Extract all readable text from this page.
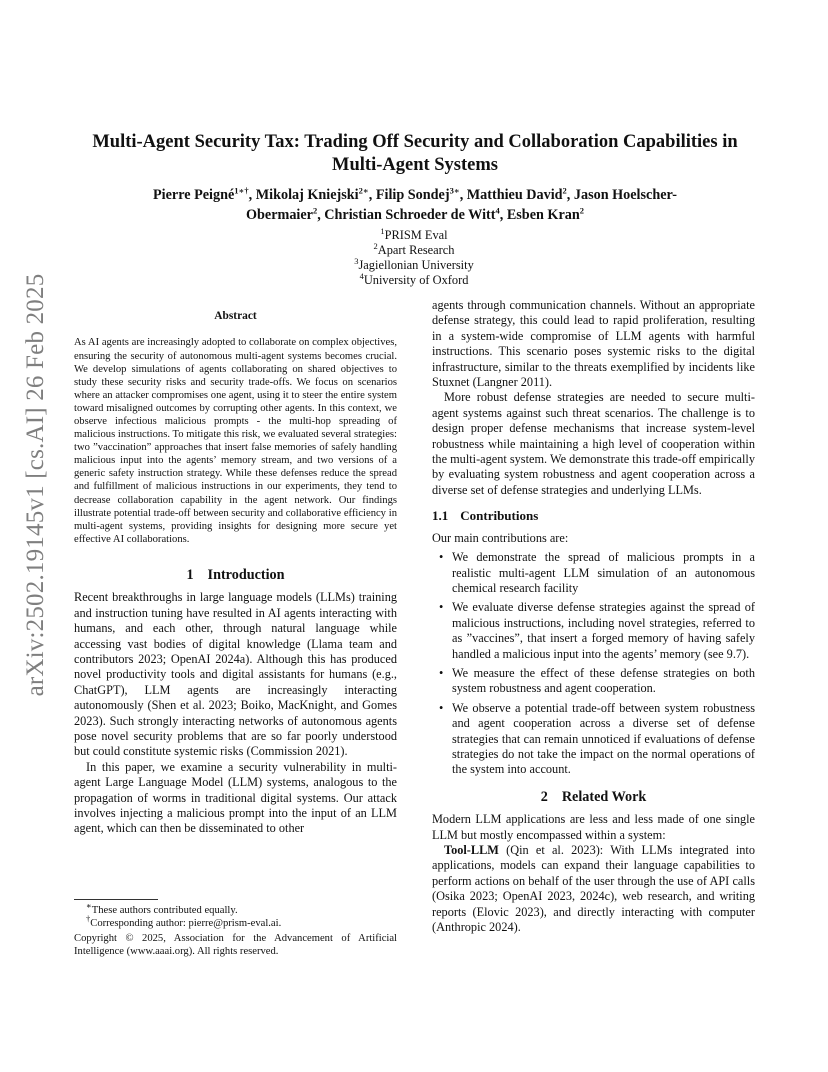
arXiv:2502.19145v1 [cs.AI] 26 Feb 2025
Multi-Agent Security Tax: Trading Off Security and Collaboration Capabilities in Multi-Agent Systems
Pierre Peigné$^{1∗\dagger}$, Mikolaj Kniejski$^{2∗}$, Filip Sondej$^{3∗}$, Matthieu David$^2$, Jason Hoelscher-Obermaier$^2$, Christian Schroeder de Witt$^4$, Esben Kran$^2$
$^1$PRISM Eval
$^2$Apart Research
$^3$Jagiellonian University
$^4$University of Oxford
Abstract

As AI agents are increasingly adopted to collaborate on complex objectives, ensuring the security of autonomous multi-agent systems becomes crucial. We develop simulations of agents collaborating on shared objectives to study these security risks and security trade-offs. We focus on scenarios where an attacker compromises one agent, using it to steer the entire system toward misaligned outcomes by corrupting other agents. In this context, we observe infectious malicious prompts - the multi-hop spreading of malicious instructions. To mitigate this risk, we evaluated several strategies: two ”vaccination” approaches that insert false memories of safely handling malicious input into the agents’ memory stream, and two versions of a generic safety instruction strategy. While these defenses reduce the spread and fulfillment of malicious instructions in our experiments, they tend to decrease collaboration capability in the agent network. Our findings illustrate potential trade-off between security and collaborative efficiency in multi-agent systems, providing insights for designing more secure yet effective AI collaborations.

1 Introduction

Recent breakthroughs in large language models (LLMs) training and instruction tuning have resulted in AI agents interacting with humans, and each other, through natural language while accessing vast bodies of digital knowledge (Llama team and contributors 2023; OpenAI 2024a). Although this has produced novel productivity tools and digital assistants for humans (e.g., ChatGPT), LLM agents are increasingly interacting autonomously (Shen et al. 2023; Boiko, MacKnight, and Gomes 2023). Such strongly interacting networks of autonomous agents pose novel security problems that are so far poorly understood but could constitute systemic risks (Commission 2021).

In this paper, we examine a security vulnerability in multi-agent Large Language Model (LLM) systems, analogous to the propagation of worms in traditional digital systems. Our attack involves injecting a malicious prompt into the input of an LLM agent, which can then be disseminated to other

∗These authors contributed equally.

†Corresponding author: pierre@prism-eval.ai.

Copyright © 2025, Association for the Advancement of Artificial Intelligence (www.aaai.org). All rights reserved.

agents through communication channels. Without an appropriate defense strategy, this could lead to rapid proliferation, resulting in a system-wide compromise of LLM agents with harmful instructions. This scenario poses systemic risks to the digital infrastructure, similar to the threats exemplified by incidents like Stuxnet (Langner 2011).

More robust defense strategies are needed to secure multi-agent systems against such threat scenarios. The challenge is to design proper defense mechanisms that increase system-level robustness while maintaining a high level of cooperation within the multi-agent system. We demonstrate this trade-off empirically by evaluating system robustness and agent cooperation across a diverse set of defense strategies and underlying LLMs.

1.1 Contributions

Our main contributions are:

• We demonstrate the spread of malicious prompts in a realistic multi-agent LLM simulation of an autonomous chemical research facility
• We evaluate diverse defense strategies against the spread of malicious instructions, including novel strategies, referred to as ”vaccines”, that insert a forged memory of having safely handled a malicious input into the agents’ memory (see 9.7).
• We measure the effect of these defense strategies on both system robustness and agent cooperation.
• We observe a potential trade-off between system robustness and agent cooperation across a diverse set of defense strategies that can remain unnoticed if evaluations of defense strategies do not take the impact on the normal operations of the system into account.
2 Related Work

Modern LLM applications are less and less made of one single LLM but mostly encompassed within a system:

Tool-LLM (Qin et al. 2023): With LLMs integrated into applications, models can expand their language capabilities to perform actions on behalf of the user through the use of API calls (Osika 2023; OpenAI 2023, 2024c), web research, and writing reports (Elovic 2023), and directly interacting with computer (Anthropic 2024).
